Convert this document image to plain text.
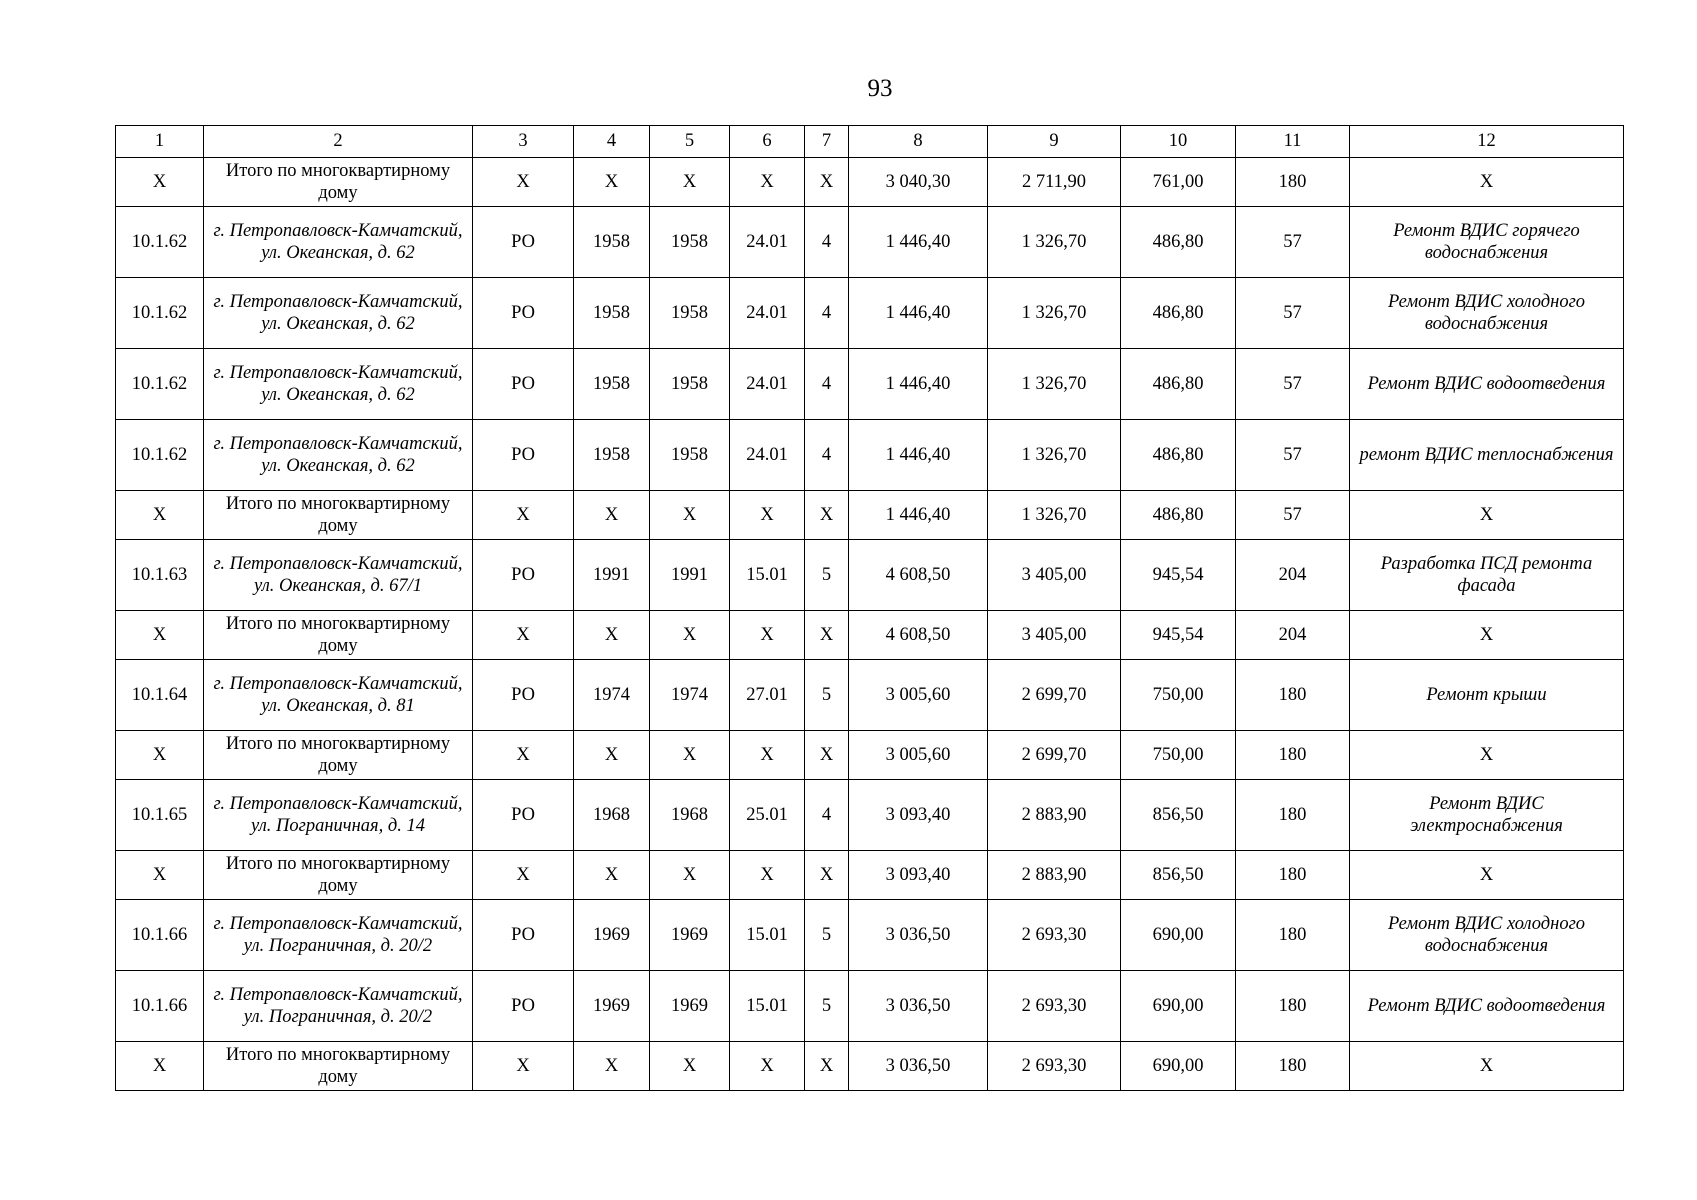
93
1	2	3	4	5	6	7	8	9	10	11	12
Х	Итого по многоквартирному дому	Х	Х	Х	Х	Х	3 040,30	2 711,90	761,00	180	Х
10.1.62	г. Петропавловск-Камчатский, ул. Океанская, д. 62	РО	1958	1958	24.01	4	1 446,40	1 326,70	486,80	57	Ремонт ВДИС горячего водоснабжения
10.1.62	г. Петропавловск-Камчатский, ул. Океанская, д. 62	РО	1958	1958	24.01	4	1 446,40	1 326,70	486,80	57	Ремонт ВДИС холодного водоснабжения
10.1.62	г. Петропавловск-Камчатский, ул. Океанская, д. 62	РО	1958	1958	24.01	4	1 446,40	1 326,70	486,80	57	Ремонт ВДИС водоотведения
10.1.62	г. Петропавловск-Камчатский, ул. Океанская, д. 62	РО	1958	1958	24.01	4	1 446,40	1 326,70	486,80	57	ремонт ВДИС теплоснабжения
Х	Итого по многоквартирному дому	Х	Х	Х	Х	Х	1 446,40	1 326,70	486,80	57	Х
10.1.63	г. Петропавловск-Камчатский, ул. Океанская, д. 67/1	РО	1991	1991	15.01	5	4 608,50	3 405,00	945,54	204	Разработка ПСД ремонта фасада
Х	Итого по многоквартирному дому	Х	Х	Х	Х	Х	4 608,50	3 405,00	945,54	204	Х
10.1.64	г. Петропавловск-Камчатский, ул. Океанская, д. 81	РО	1974	1974	27.01	5	3 005,60	2 699,70	750,00	180	Ремонт крыши
Х	Итого по многоквартирному дому	Х	Х	Х	Х	Х	3 005,60	2 699,70	750,00	180	Х
10.1.65	г. Петропавловск-Камчатский, ул. Пограничная, д. 14	РО	1968	1968	25.01	4	3 093,40	2 883,90	856,50	180	Ремонт ВДИС электроснабжения
Х	Итого по многоквартирному дому	Х	Х	Х	Х	Х	3 093,40	2 883,90	856,50	180	Х
10.1.66	г. Петропавловск-Камчатский, ул. Пограничная, д. 20/2	РО	1969	1969	15.01	5	3 036,50	2 693,30	690,00	180	Ремонт ВДИС холодного водоснабжения
10.1.66	г. Петропавловск-Камчатский, ул. Пограничная, д. 20/2	РО	1969	1969	15.01	5	3 036,50	2 693,30	690,00	180	Ремонт ВДИС водоотведения
Х	Итого по многоквартирному дому	Х	Х	Х	Х	Х	3 036,50	2 693,30	690,00	180	Х
